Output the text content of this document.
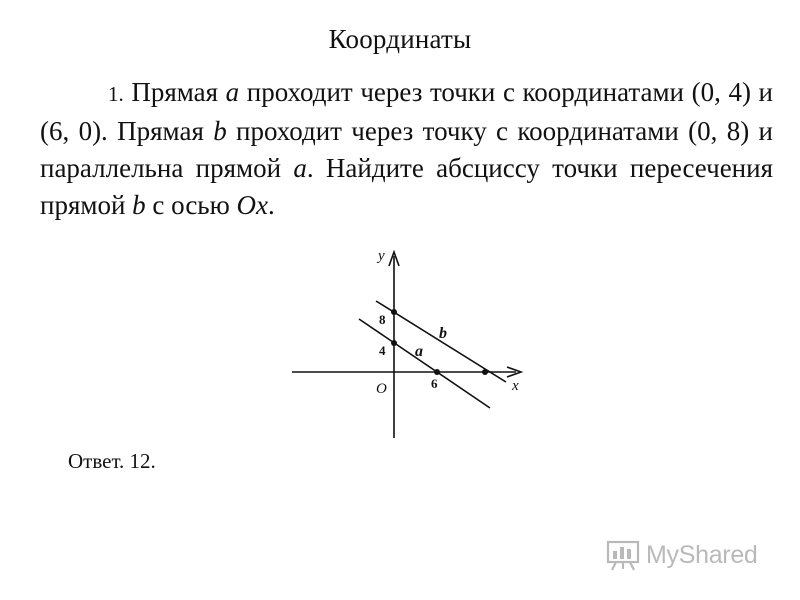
Координаты
1. Прямая a проходит через точки с координатами (0, 4) и (6, 0). Прямая b проходит через точку с координатами (0, 8) и параллельна прямой a. Найдите абсциссу точки пересечения прямой b с осью Ox.
y
x
O
8
4
6
a
b
Ответ. 12.
MyShared
